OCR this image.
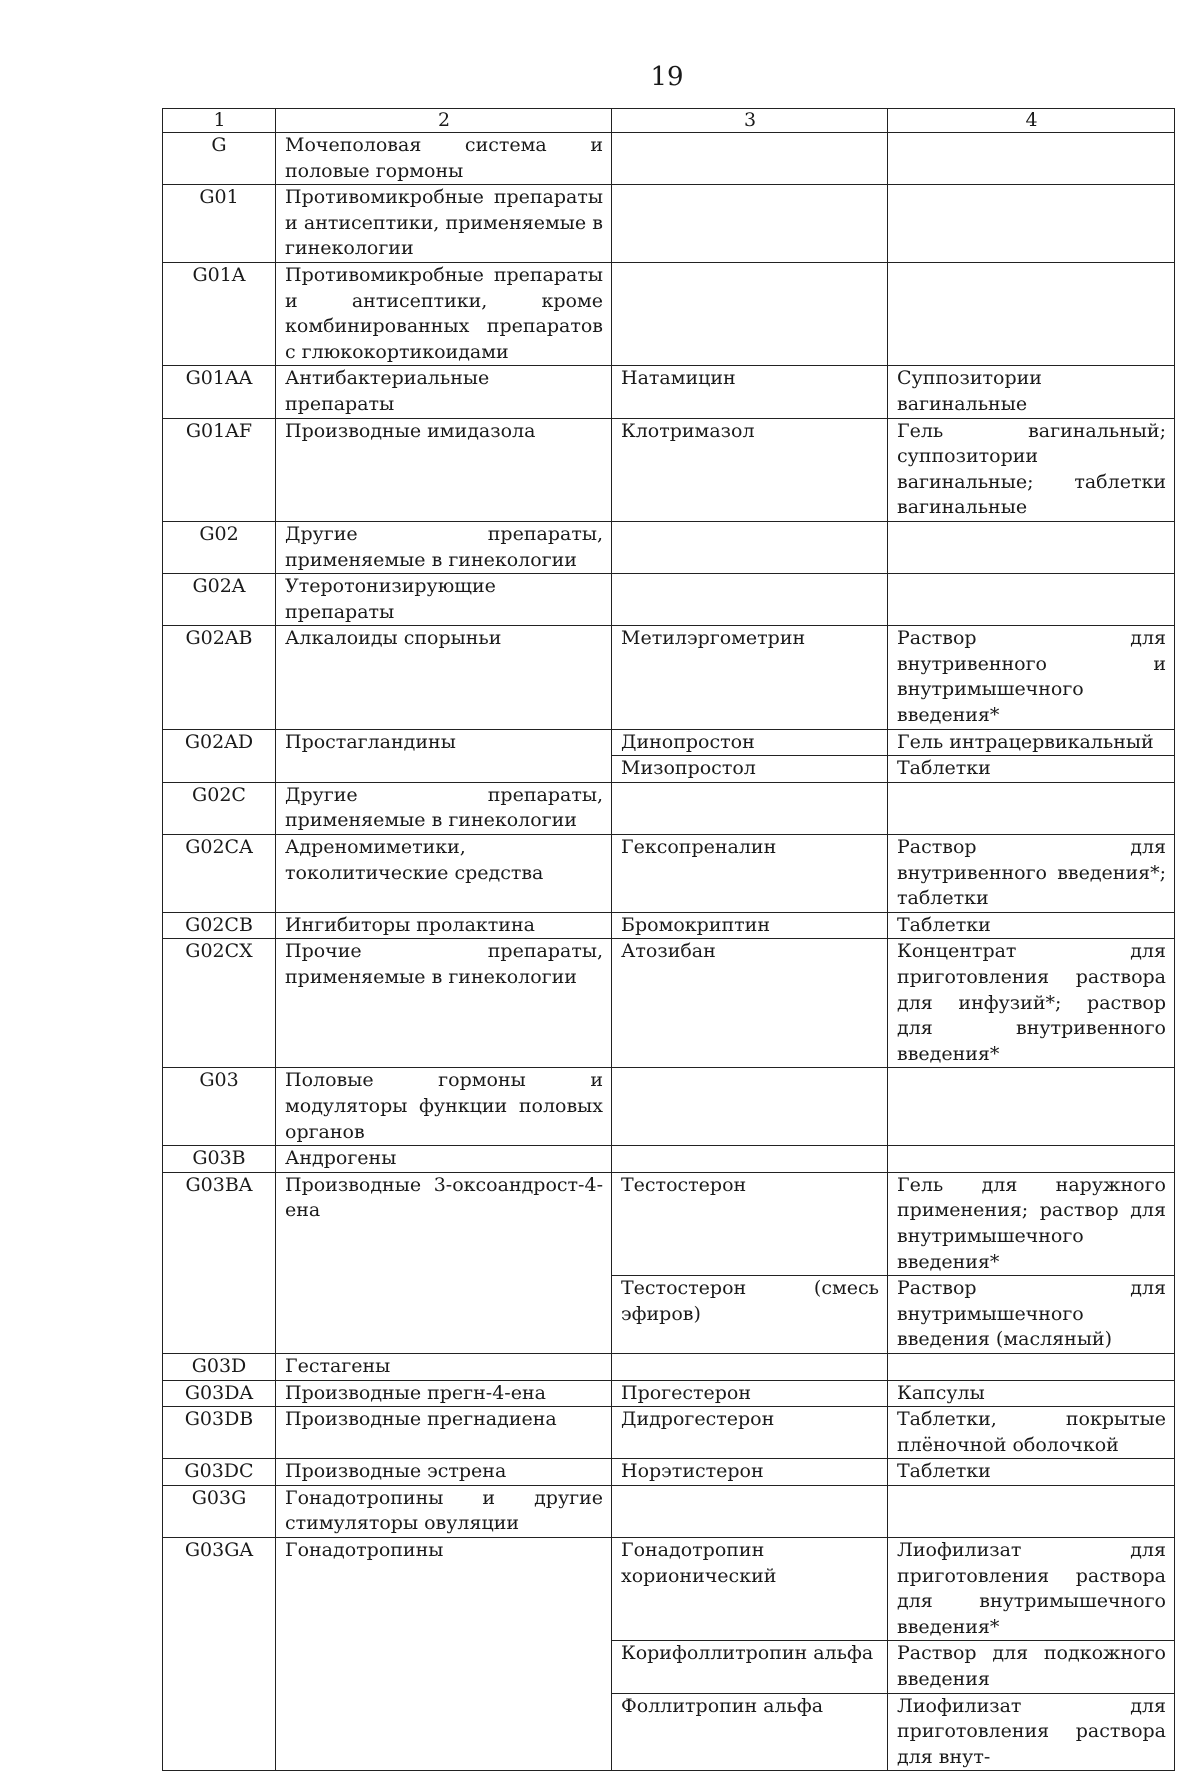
19
1	2	3	4
G	Мочеполовая система и половые гормоны		
G01	Противомикробные препараты и антисептики, применяемые в гинекологии		
G01A	Противомикробные препараты и антисептики, кроме комбинированных препаратов с глюкокортикоидами		
G01AA	Антибактериальные препараты	Натамицин	Суппозитории вагинальные
G01AF	Производные имидазола	Клотримазол	Гель вагинальный; суппозитории вагинальные; таблетки вагинальные
G02	Другие препараты, применяемые в гинекологии		
G02A	Утеротонизирующие препараты		
G02AB	Алкалоиды спорыньи	Метилэргометрин	Раствор для внутривенного и внутримышечного введения*
G02AD	Простагландины	Динопростон	Гель интрацервикальный
		Мизопростол	Таблетки
G02C	Другие препараты, применяемые в гинекологии		
G02CA	Адреномиметики, токолитические средства	Гексопреналин	Раствор для внутривенного введения*; таблетки
G02CB	Ингибиторы пролактина	Бромокриптин	Таблетки
G02CX	Прочие препараты, применяемые в гинекологии	Атозибан	Концентрат для приготовления раствора для инфузий*; раствор для внутривенного введения*
G03	Половые гормоны и модуляторы функции половых органов		
G03B	Андрогены		
G03BA	Производные 3-оксоандрост-4-ена	Тестостерон	Гель для наружного применения; раствор для внутримышечного введения*
		Тестостерон (смесь эфиров)	Раствор для внутримышечного введения (масляный)
G03D	Гестагены		
G03DA	Производные прегн-4-ена	Прогестерон	Капсулы
G03DB	Производные прегнадиена	Дидрогестерон	Таблетки, покрытые плёночной оболочкой
G03DC	Производные эстрена	Норэтистерон	Таблетки
G03G	Гонадотропины и другие стимуляторы овуляции		
G03GA	Гонадотропины	Гонадотропин хорионический	Лиофилизат для приготовления раствора для внутримышечного введения*
		Корифоллитропин альфа	Раствор для подкожного введения
		Фоллитропин альфа	Лиофилизат для приготовления раствора для внут-
